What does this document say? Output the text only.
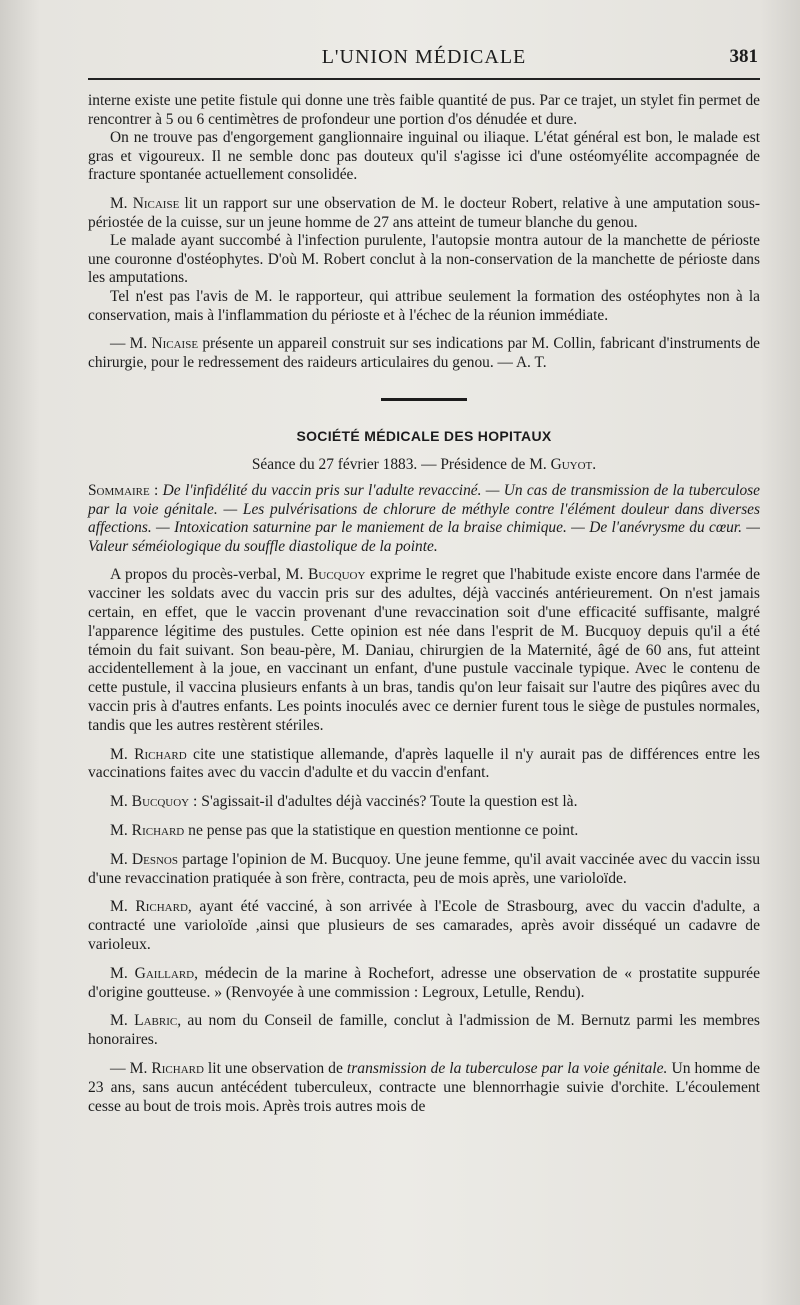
L'UNION MÉDICALE	381

interne existe une petite fistule qui donne une très faible quantité de pus. Par ce trajet, un stylet fin permet de rencontrer à 5 ou 6 centimètres de profondeur une portion d'os dénudée et dure.

On ne trouve pas d'engorgement ganglionnaire inguinal ou iliaque. L'état général est bon, le malade est gras et vigoureux. Il ne semble donc pas douteux qu'il s'agisse ici d'une ostéomyélite accompagnée de fracture spontanée actuellement consolidée.

M. Nicaise lit un rapport sur une observation de M. le docteur Robert, relative à une amputation sous-périostée de la cuisse, sur un jeune homme de 27 ans atteint de tumeur blanche du genou.

Le malade ayant succombé à l'infection purulente, l'autopsie montra autour de la manchette de périoste une couronne d'ostéophytes. D'où M. Robert conclut à la non-conservation de la manchette de périoste dans les amputations.

Tel n'est pas l'avis de M. le rapporteur, qui attribue seulement la formation des ostéophytes non à la conservation, mais à l'inflammation du périoste et à l'échec de la réunion immédiate.

— M. Nicaise présente un appareil construit sur ses indications par M. Collin, fabricant d'instruments de chirurgie, pour le redressement des raideurs articulaires du genou. — A. T.

SOCIÉTÉ MÉDICALE DES HOPITAUX
Séance du 27 février 1883. — Présidence de M. Guyot.

Sommaire : De l'infidélité du vaccin pris sur l'adulte revacciné. — Un cas de transmission de la tuberculose par la voie génitale. — Les pulvérisations de chlorure de méthyle contre l'élément douleur dans diverses affections. — Intoxication saturnine par le maniement de la braise chimique. — De l'anévrysme du cœur. — Valeur séméiologique du souffle diastolique de la pointe.

A propos du procès-verbal, M. Bucquoy exprime le regret que l'habitude existe encore dans l'armée de vacciner les soldats avec du vaccin pris sur des adultes, déjà vaccinés antérieurement. On n'est jamais certain, en effet, que le vaccin provenant d'une revaccination soit d'une efficacité suffisante, malgré l'apparence légitime des pustules. Cette opinion est née dans l'esprit de M. Bucquoy depuis qu'il a été témoin du fait suivant. Son beau-père, M. Daniau, chirurgien de la Maternité, âgé de 60 ans, fut atteint accidentellement à la joue, en vaccinant un enfant, d'une pustule vaccinale typique. Avec le contenu de cette pustule, il vaccina plusieurs enfants à un bras, tandis qu'on leur faisait sur l'autre des piqûres avec du vaccin pris à d'autres enfants. Les points inoculés avec ce dernier furent tous le siège de pustules normales, tandis que les autres restèrent stériles.

M. Richard cite une statistique allemande, d'après laquelle il n'y aurait pas de différences entre les vaccinations faites avec du vaccin d'adulte et du vaccin d'enfant.

M. Bucquoy : S'agissait-il d'adultes déjà vaccinés? Toute la question est là.

M. Richard ne pense pas que la statistique en question mentionne ce point.

M. Desnos partage l'opinion de M. Bucquoy. Une jeune femme, qu'il avait vaccinée avec du vaccin issu d'une revaccination pratiquée à son frère, contracta, peu de mois après, une varioloïde.

M. Richard, ayant été vacciné, à son arrivée à l'Ecole de Strasbourg, avec du vaccin d'adulte, a contracté une varioloïde ,ainsi que plusieurs de ses camarades, après avoir disséqué un cadavre de varioleux.

M. Gaillard, médecin de la marine à Rochefort, adresse une observation de « prostatite suppurée d'origine goutteuse. » (Renvoyée à une commission : Legroux, Letulle, Rendu).

M. Labric, au nom du Conseil de famille, conclut à l'admission de M. Bernutz parmi les membres honoraires.

— M. Richard lit une observation de transmission de la tuberculose par la voie génitale. Un homme de 23 ans, sans aucun antécédent tuberculeux, contracte une blennorrhagie suivie d'orchite. L'écoulement cesse au bout de trois mois. Après trois autres mois de
